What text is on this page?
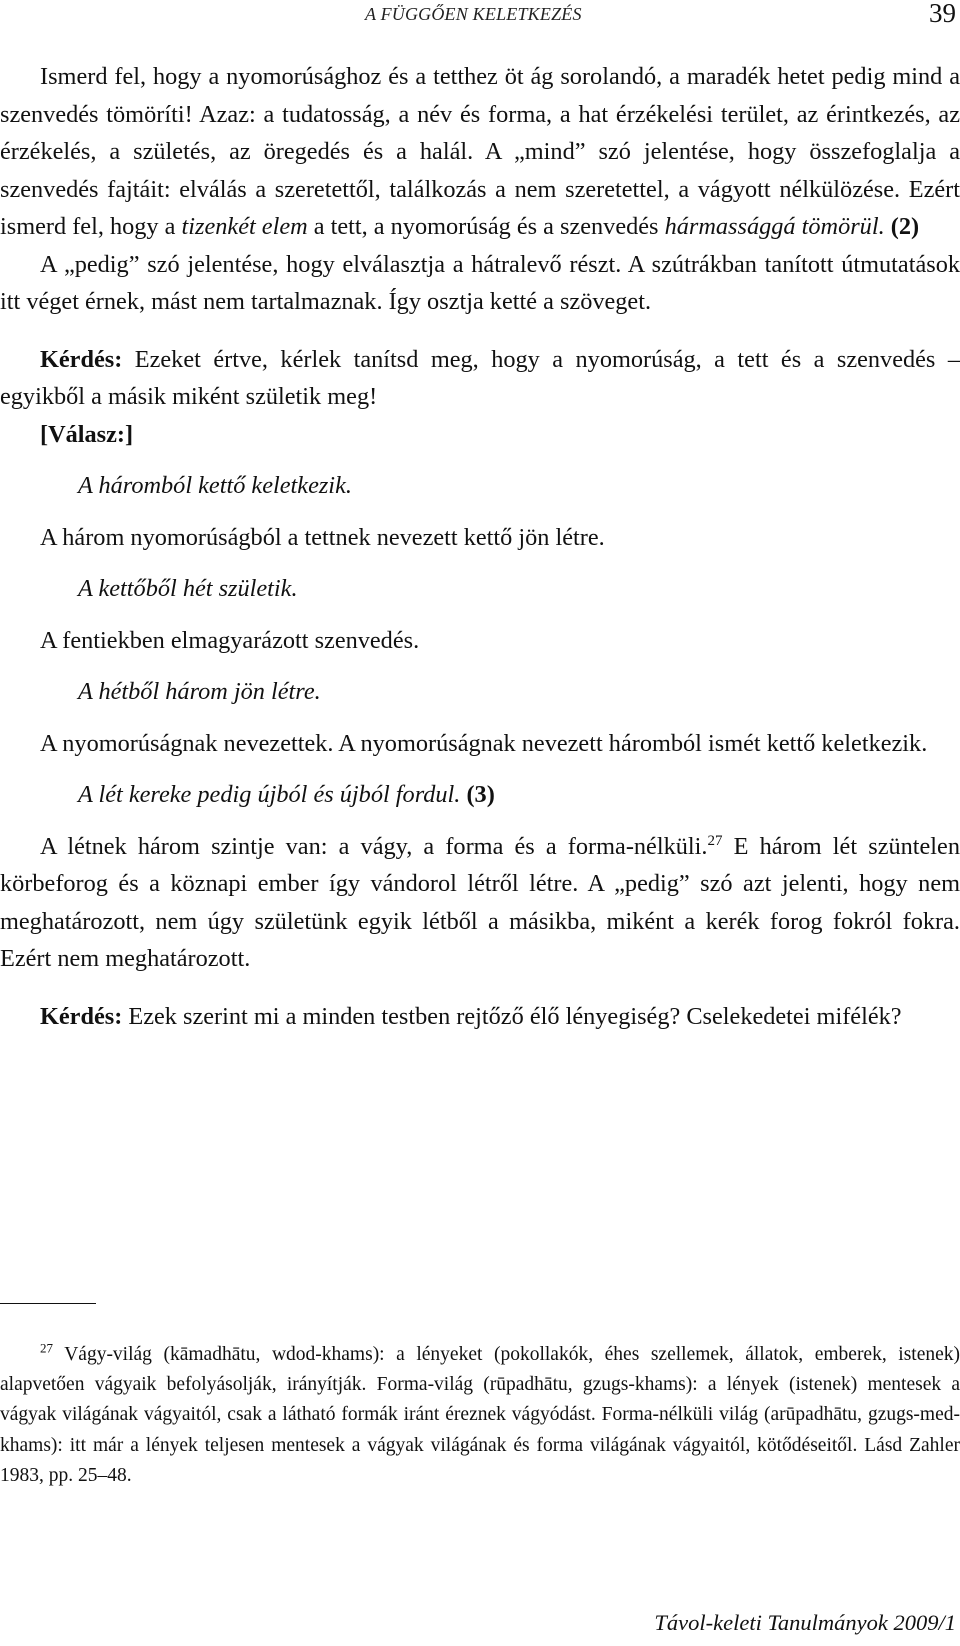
A FÜGGŐEN KELETKEZÉS	39

Ismerd fel, hogy a nyomorúsághoz és a tetthez öt ág sorolandó, a maradék hetet pedig mind a szenvedés tömöríti! Azaz: a tudatosság, a név és forma, a hat érzékelési terület, az érintkezés, az érzékelés, a születés, az öregedés és a halál. A „mind” szó jelentése, hogy összefoglalja a szenvedés fajtáit: elválás a szeretettől, találkozás a nem szeretettel, a vágyott nélkülözése. Ezért ismerd fel, hogy a tizenkét elem a tett, a nyomorúság és a szenvedés hármassággá tömörül. (2)

A „pedig” szó jelentése, hogy elválasztja a hátralevő részt. A szútrákban tanított útmutatások itt véget érnek, mást nem tartalmaznak. Így osztja ketté a szöveget.

Kérdés: Ezeket értve, kérlek tanítsd meg, hogy a nyomorúság, a tett és a szenvedés – egyikből a másik miként születik meg!

[Válasz:]

A háromból kettő keletkezik.

A három nyomorúságból a tettnek nevezett kettő jön létre.

A kettőből hét születik.

A fentiekben elmagyarázott szenvedés.

A hétből három jön létre.

A nyomorúságnak nevezettek. A nyomorúságnak nevezett háromból ismét kettő keletkezik.

A lét kereke pedig újból és újból fordul. (3)

A létnek három szintje van: a vágy, a forma és a forma-nélküli.$^{27}$ E három lét szüntelen körbeforog és a köznapi ember így vándorol létről létre. A „pedig” szó azt jelenti, hogy nem meghatározott, nem úgy születünk egyik létből a másikba, miként a kerék forog fokról fokra. Ezért nem meghatározott.

Kérdés: Ezek szerint mi a minden testben rejtőző élő lényegiség? Cselekedetei mifélék?

$^{27}$ Vágy-világ (kāmadhātu, wdod-khams): a lényeket (pokollakók, éhes szellemek, állatok, emberek, istenek) alapvetően vágyaik befolyásolják, irányítják. Forma-világ (rūpadhātu, gzugs-khams): a lények (istenek) mentesek a vágyak világának vágyaitól, csak a látható formák iránt éreznek vágyódást. Forma-nélküli világ (arūpadhātu, gzugs-med-khams): itt már a lények teljesen mentesek a vágyak világának és forma világának vágyaitól, kötődéseitől. Lásd Zahler 1983, pp. 25–48.

Távol-keleti Tanulmányok 2009/1
